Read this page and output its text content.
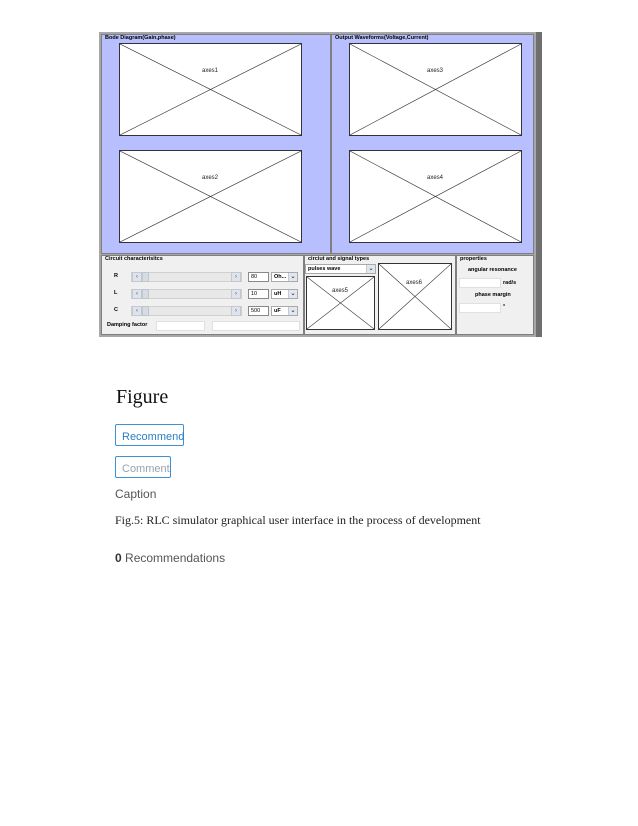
Bode Diagram(Gain,phase)
axes1
axes2
Output Waveforms(Voltage,Current)
axes3
axes4
Circuit characterisitcs
R	‹	›	80	Oh... ⌄
L	‹	›	10	uH	⌄
C	‹	›	500	uF	⌄
Damping factor
circiut and signal types
pulses wave	⌄
axes5
axes6
properties
angular resonance
rad/s
phase margin
°
Figure
Recommend
Comment
Caption
Fig.5: RLC simulator graphical user interface in the process of development
0 Recommendations
